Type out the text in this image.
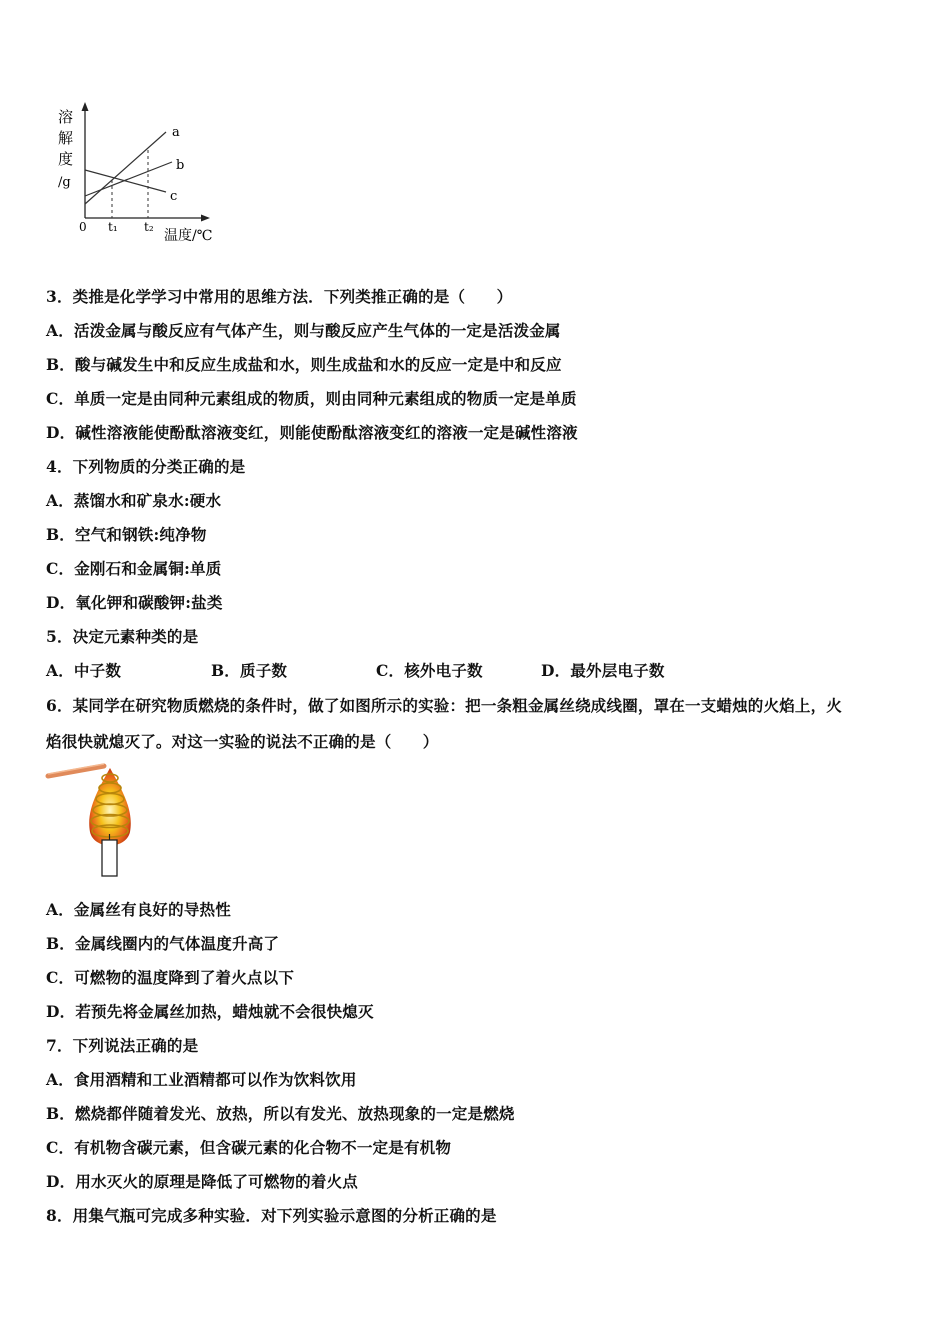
溶
解
度
/g
a
b
c
0 t₁ t₂
温度/℃
3．类推是化学学习中常用的思维方法．下列类推正确的是（　　）
A．活泼金属与酸反应有气体产生，则与酸反应产生气体的一定是活泼金属
B．酸与碱发生中和反应生成盐和水，则生成盐和水的反应一定是中和反应
C．单质一定是由同种元素组成的物质，则由同种元素组成的物质一定是单质
D．碱性溶液能使酚酞溶液变红，则能使酚酞溶液变红的溶液一定是碱性溶液
4．下列物质的分类正确的是
A．蒸馏水和矿泉水:硬水
B．空气和钢铁:纯净物
C．金刚石和金属铜:单质
D．氧化钾和碳酸钾:盐类
5．决定元素种类的是
A．中子数	B．质子数	C．核外电子数	D．最外层电子数
6．某同学在研究物质燃烧的条件时，做了如图所示的实验：把一条粗金属丝绕成线圈，罩在一支蜡烛的火焰上，火
焰很快就熄灭了。对这一实验的说法不正确的是（　　）
A．金属丝有良好的导热性
B．金属线圈内的气体温度升高了
C．可燃物的温度降到了着火点以下
D．若预先将金属丝加热，蜡烛就不会很快熄灭
7．下列说法正确的是
A．食用酒精和工业酒精都可以作为饮料饮用
B．燃烧都伴随着发光、放热，所以有发光、放热现象的一定是燃烧
C．有机物含碳元素，但含碳元素的化合物不一定是有机物
D．用水灭火的原理是降低了可燃物的着火点
8．用集气瓶可完成多种实验．对下列实验示意图的分析正确的是
